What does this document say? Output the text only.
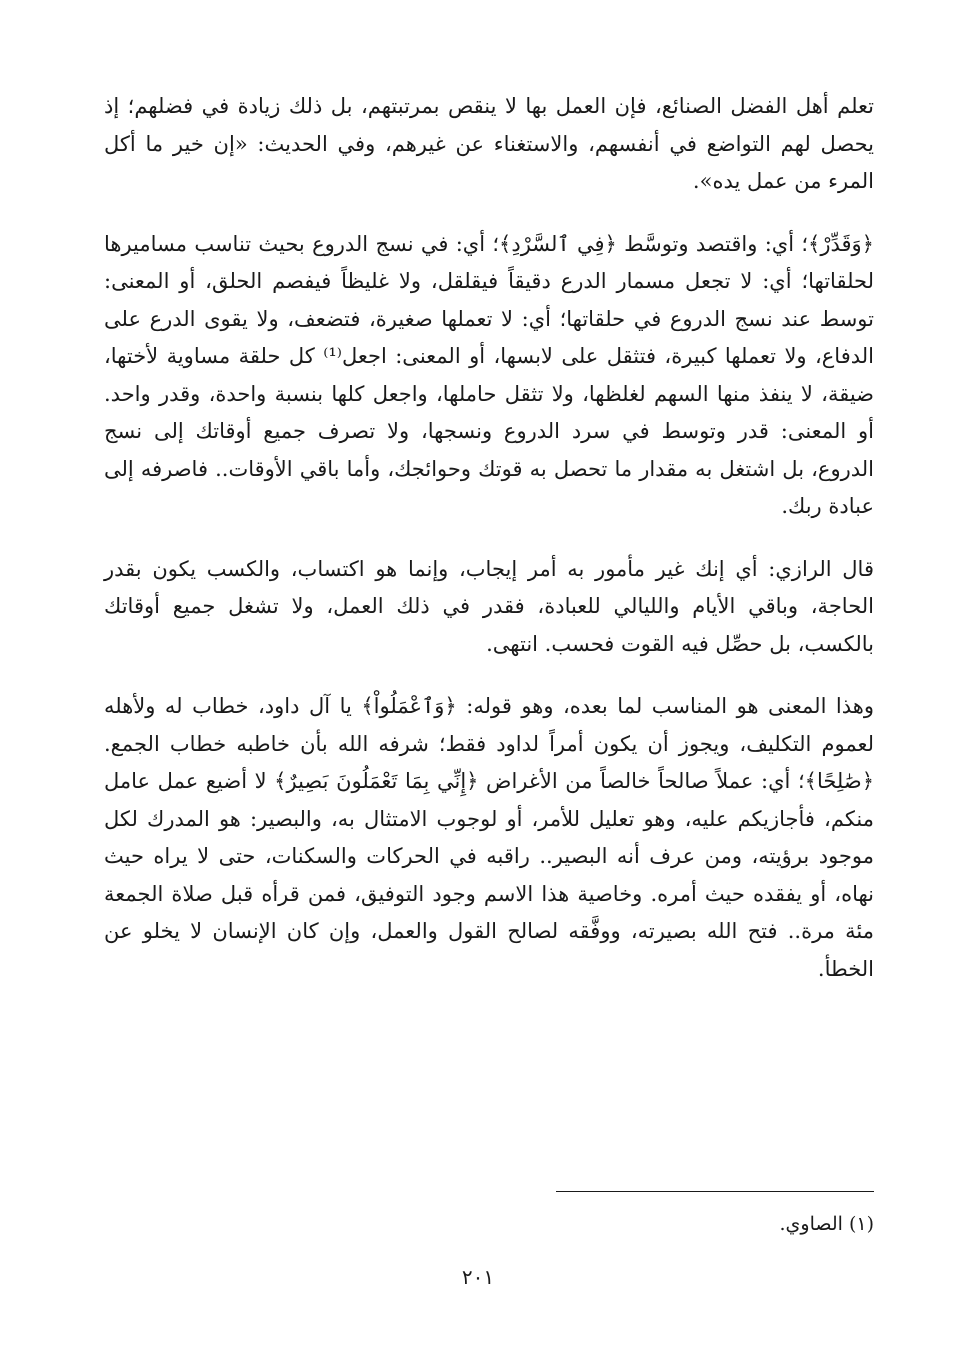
تعلم أهل الفضل الصنائع، فإن العمل بها لا ينقص بمرتبتهم، بل ذلك زيادة في فضلهم؛ إذ يحصل لهم التواضع في أنفسهم، والاستغناء عن غيرهم، وفي الحديث: «إن خير ما أكل المرء من عمل يده».

﴿وَقَدِّرْ﴾؛ أي: واقتصد وتوسَّط ﴿فِي ٱلسَّرْدِ﴾؛ أي: في نسج الدروع بحيث تناسب مساميرها لحلقاتها؛ أي: لا تجعل مسمار الدرع دقيقاً فيقلقل، ولا غليظاً فيفصم الحلق، أو المعنى: توسط عند نسج الدروع في حلقاتها؛ أي: لا تعملها صغيرة، فتضعف، ولا يقوى الدرع على الدفاع، ولا تعملها كبيرة، فتثقل على لابسها، أو المعنى: اجعل⁽¹⁾ كل حلقة مساوية لأختها، ضيقة، لا ينفذ منها السهم لغلظها، ولا تثقل حاملها، واجعل كلها بنسبة واحدة، وقدر واحد. أو المعنى: قدر وتوسط في سرد الدروع ونسجها، ولا تصرف جميع أوقاتك إلى نسج الدروع، بل اشتغل به مقدار ما تحصل به قوتك وحوائجك، وأما باقي الأوقات.. فاصرفه إلى عبادة ربك.

قال الرازي: أي إنك غير مأمور به أمر إيجاب، وإنما هو اكتساب، والكسب يكون بقدر الحاجة، وباقي الأيام والليالي للعبادة، فقدر في ذلك العمل، ولا تشغل جميع أوقاتك بالكسب، بل حصِّل فيه القوت فحسب. انتهى.

وهذا المعنى هو المناسب لما بعده، وهو قوله: ﴿وَٱعْمَلُواْ﴾ يا آل داود، خطاب له ولأهله لعموم التكليف، ويجوز أن يكون أمراً لداود فقط؛ شرفه الله بأن خاطبه خطاب الجمع. ﴿صَٰلِحًا﴾؛ أي: عملاً صالحاً خالصاً من الأغراض ﴿إِنِّي بِمَا تَعْمَلُونَ بَصِيرٌ﴾ لا أضيع عمل عامل منكم، فأجازيكم عليه، وهو تعليل للأمر، أو لوجوب الامتثال به، والبصير: هو المدرك لكل موجود برؤيته، ومن عرف أنه البصير.. راقبه في الحركات والسكنات، حتى لا يراه حيث نهاه، أو يفقده حيث أمره. وخاصية هذا الاسم وجود التوفيق، فمن قرأه قبل صلاة الجمعة مئة مرة.. فتح الله بصيرته، ووفَّقه لصالح القول والعمل، وإن كان الإنسان لا يخلو عن الخطأ.

(١) الصاوي.
٢٠١
